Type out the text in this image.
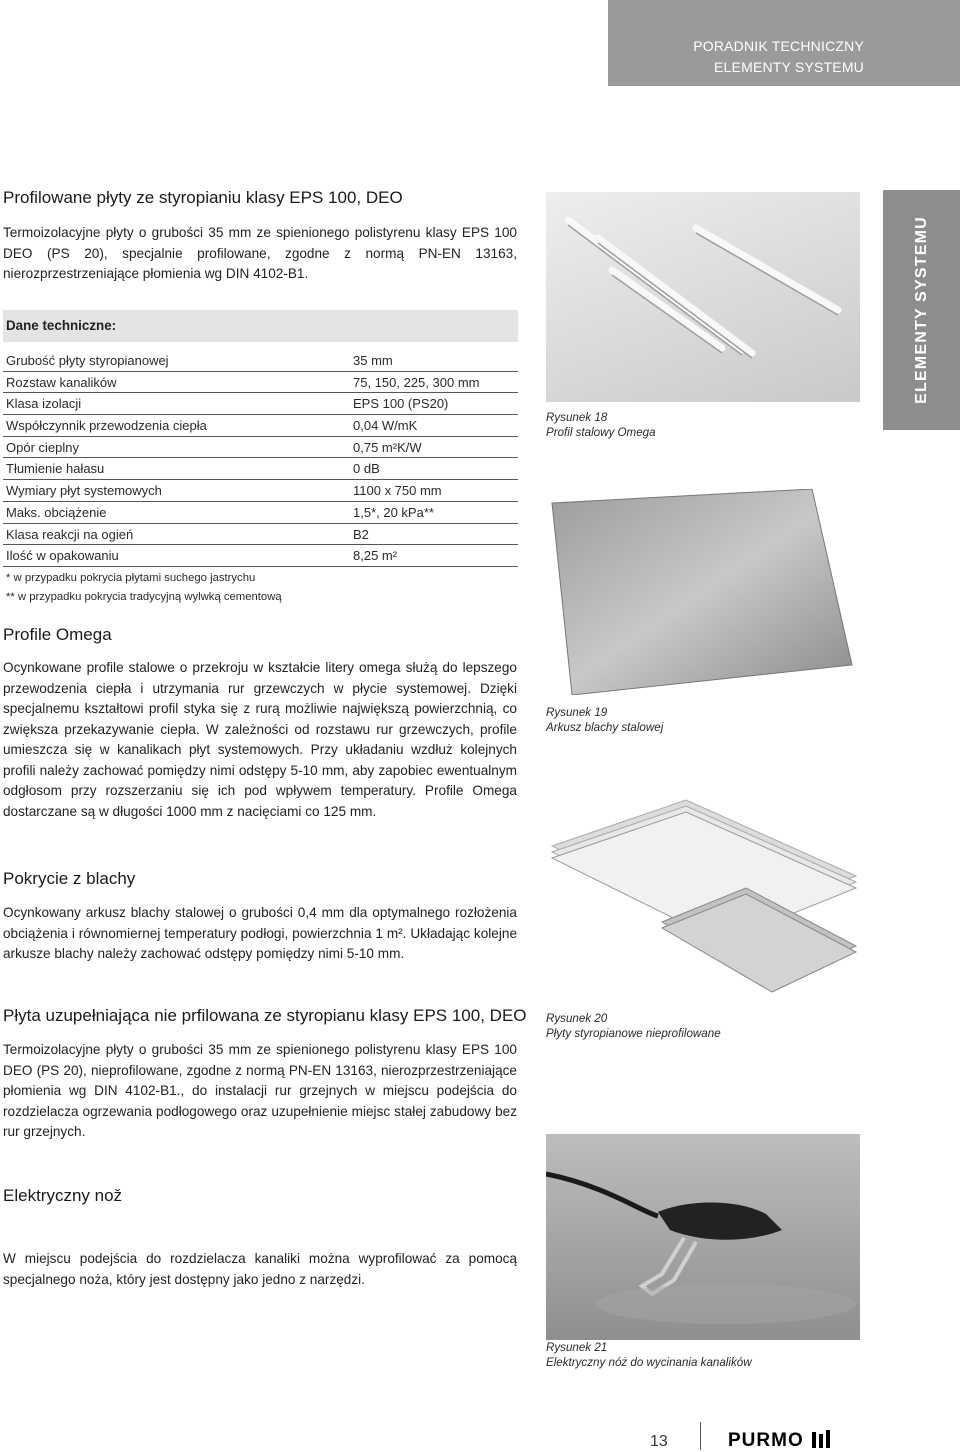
PORADNIK TECHNICZNY
ELEMENTY SYSTEMU
ELEMENTY SYSTEMU
Profilowane płyty ze styropianiu klasy EPS 100, DEO

Termoizolacyjne płyty o grubości 35 mm ze spienionego polistyrenu klasy EPS 100 DEO (PS 20), specjalnie profilowane, zgodne z normą PN-EN 13163, nierozprzestrzeniające płomienia wg DIN 4102-B1.

Dane techniczne:
Grubość płyty styropianowej	35 mm
Rozstaw kanalików	75, 150, 225, 300 mm
Klasa izolacji	EPS 100 (PS20)
Współczynnik przewodzenia ciepła	0,04 W/mK
Opór cieplny	0,75 m²K/W
Tłumienie hałasu	0 dB
Wymiary płyt systemowych	1100 x 750 mm
Maks. obciążenie	1,5*, 20 kPa**
Klasa reakcji na ogień	B2
Ilość w opakowaniu	8,25 m²
* w przypadku pokrycia płytami suchego jastrychu
** w przypadku pokrycia tradycyjną wylwką cementową
Profile Omega

Ocynkowane profile stalowe o przekroju w kształcie litery omega służą do lepszego przewodzenia ciepła i utrzymania rur grzewczych w płycie systemowej. Dzięki specjalnemu kształtowi profil styka się z rurą możliwie największą powierzchnią, co zwiększa przekazywanie ciepła. W zależności od rozstawu rur grzewczych, profile umieszcza się w kanalikach płyt systemowych. Przy układaniu wzdłuż kolejnych profili należy zachować pomiędzy nimi odstępy 5-10 mm, aby zapobiec ewentualnym odgłosom przy rozszerzaniu się ich pod wpływem temperatury. Profile Omega dostarczane są w długości 1000 mm z nacięciami co 125 mm.

Pokrycie z blachy

Ocynkowany arkusz blachy stalowej o grubości 0,4 mm dla optymalnego rozłożenia obciążenia i równomiernej temperatury podłogi, powierzchnia 1 m². Układając kolejne arkusze blachy należy zachować odstępy pomiędzy nimi 5-10 mm.

Płyta uzupełniająca nie prfilowana ze styropianu klasy EPS 100, DEO

Termoizolacyjne płyty o grubości 35 mm ze spienionego polistyrenu klasy EPS 100 DEO (PS 20), nieprofilowane, zgodne z normą PN-EN 13163, nierozprzestrzeniające płomienia wg DIN 4102-B1., do instalacji rur grzejnych w miejscu podejścia do rozdzielacza ogrzewania podłogowego oraz uzupełnienie miejsc stałej zabudowy bez rur grzejnych.

Elektryczny nož

W miejscu podejścia do rozdzielacza kanaliki można wyprofilować za pomocą specjalnego noża, który jest dostępny jako jedno z narzędzi.

Rysunek 18
Profil stalowy Omega
Rysunek 19
Arkusz blachy stalowej
Rysunek 20
Płyty styropianowe nieprofilowane
Rysunek 21
Elektryczny nóż do wycinania kanalików
13	PURMO
